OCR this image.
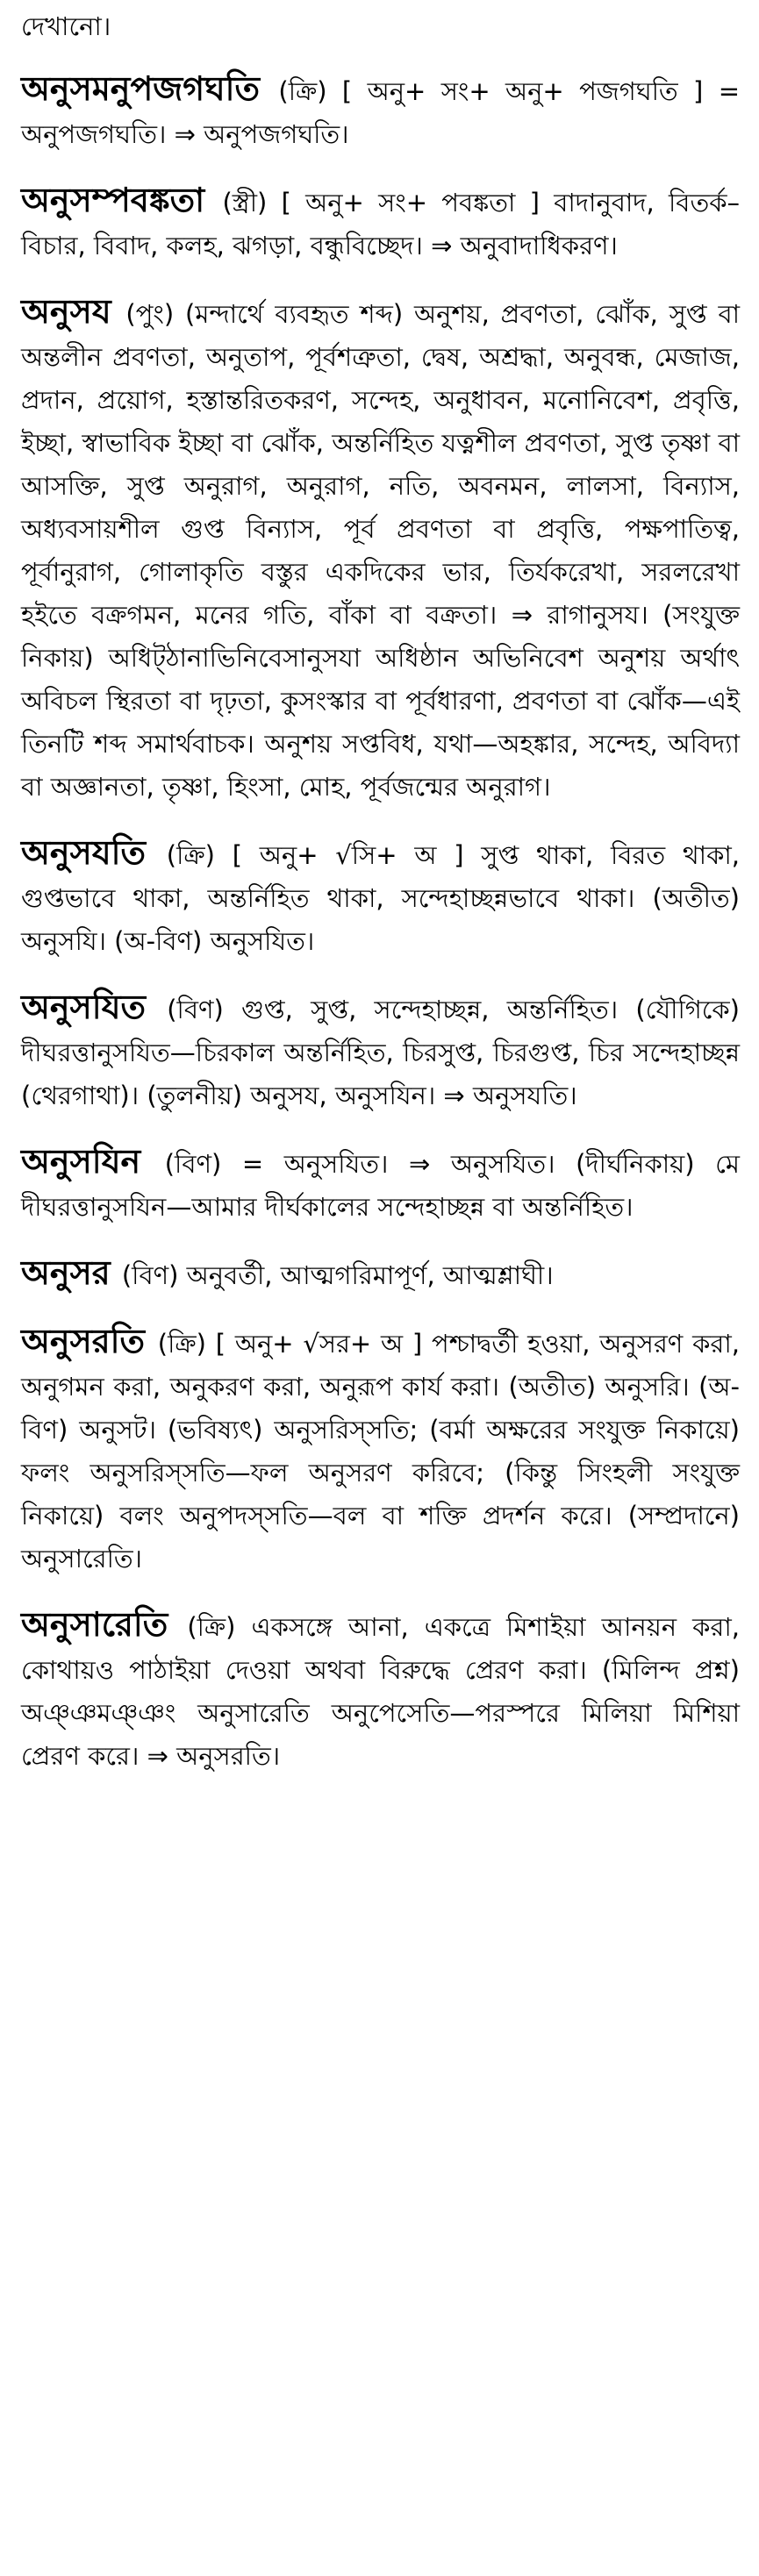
দেখানো।

অনুসমনুপজগঘতি (ক্রি) [ অনু+ সং+ অনু+ পজগঘতি ] = অনুপজগঘতি। ⇒ অনুপজগঘতি।

অনুসম্পবঙ্কতা (স্ত্রী) [ অনু+ সং+ পবঙ্কতা ] বাদানুবাদ, বিতর্ক–বিচার, বিবাদ, কলহ, ঝগড়া, বন্ধুবিচ্ছেদ। ⇒ অনুবাদাধিকরণ।

অনুসয (পুং) (মন্দার্থে ব্যবহৃত শব্দ) অনুশয়, প্রবণতা, ঝোঁক, সুপ্ত বা অন্তলীন প্রবণতা, অনুতাপ, পূর্বশত্রুতা, দ্বেষ, অশ্রদ্ধা, অনুবন্ধ, মেজাজ, প্রদান, প্রয়োগ, হস্তান্তরিতকরণ, সন্দেহ, অনুধাবন, মনোনিবেশ, প্রবৃত্তি, ইচ্ছা, স্বাভাবিক ইচ্ছা বা ঝোঁক, অন্তর্নিহিত যত্নশীল প্রবণতা, সুপ্ত তৃষ্ণা বা আসক্তি, সুপ্ত অনুরাগ, অনুরাগ, নতি, অবনমন, লালসা, বিন্যাস, অধ্যবসায়শীল গুপ্ত বিন্যাস, পূর্ব প্রবণতা বা প্রবৃত্তি, পক্ষপাতিত্ব, পূর্বানুরাগ, গোলাকৃতি বস্তুর একদিকের ভার, তির্যকরেখা, সরলরেখা হইতে বক্রগমন, মনের গতি, বাঁকা বা বক্রতা। ⇒ রাগানুসয। (সংযুক্ত নিকায়) অধিট্ঠানাভিনিবেসানুসযা অধিষ্ঠান অভিনিবেশ অনুশয় অর্থাৎ অবিচল স্থিরতা বা দৃঢ়তা, কুসংস্কার বা পূর্বধারণা, প্রবণতা বা ঝোঁক—এই তিনটি শব্দ সমার্থবাচক। অনুশয় সপ্তবিধ, যথা—অহঙ্কার, সন্দেহ, অবিদ্যা বা অজ্ঞানতা, তৃষ্ণা, হিংসা, মোহ, পূর্বজন্মের অনুরাগ।

অনুসযতি (ক্রি) [ অনু+ √সি+ অ ] সুপ্ত থাকা, বিরত থাকা, গুপ্তভাবে থাকা, অন্তর্নিহিত থাকা, সন্দেহাচ্ছন্নভাবে থাকা। (অতীত) অনুসযি। (অ-বিণ) অনুসযিত।

অনুসযিত (বিণ) গুপ্ত, সুপ্ত, সন্দেহাচ্ছন্ন, অন্তর্নিহিত। (যৌগিকে) দীঘরত্তানুসযিত—চিরকাল অন্তর্নিহিত, চিরসুপ্ত, চিরগুপ্ত, চির সন্দেহাচ্ছন্ন (থেরগাথা)। (তুলনীয়) অনুসয, অনুসযিন। ⇒ অনুসযতি।

অনুসযিন (বিণ) = অনুসযিত। ⇒ অনুসযিত। (দীর্ঘনিকায়) মে দীঘরত্তানুসযিন—আমার দীর্ঘকালের সন্দেহাচ্ছন্ন বা অন্তর্নিহিত।

অনুসর (বিণ) অনুবর্তী, আত্মগরিমাপূর্ণ, আত্মশ্লাঘী।

অনুসরতি (ক্রি) [ অনু+ √সর+ অ ] পশ্চাদ্বর্তী হওয়া, অনুসরণ করা, অনুগমন করা, অনুকরণ করা, অনুরূপ কার্য করা। (অতীত) অনুসরি। (অ-বিণ) অনুসট। (ভবিষ্যৎ) অনুসরিস্সতি; (বর্মা অক্ষরের সংযুক্ত নিকায়ে) ফলং অনুসরিস্সতি—ফল অনুসরণ করিবে; (কিন্তু সিংহলী সংযুক্ত নিকায়ে) বলং অনুপদস্সতি—বল বা শক্তি প্রদর্শন করে। (সম্প্রদানে) অনুসারেতি।

অনুসারেতি (ক্রি) একসঙ্গে আনা, একত্রে মিশাইয়া আনয়ন করা, কোথায়ও পাঠাইয়া দেওয়া অথবা বিরুদ্ধে প্রেরণ করা। (মিলিন্দ প্রশ্ন) অঞ্ঞমঞ্ঞং অনুসারেতি অনুপেসেতি—পরস্পরে মিলিয়া মিশিয়া প্রেরণ করে। ⇒ অনুসরতি।
